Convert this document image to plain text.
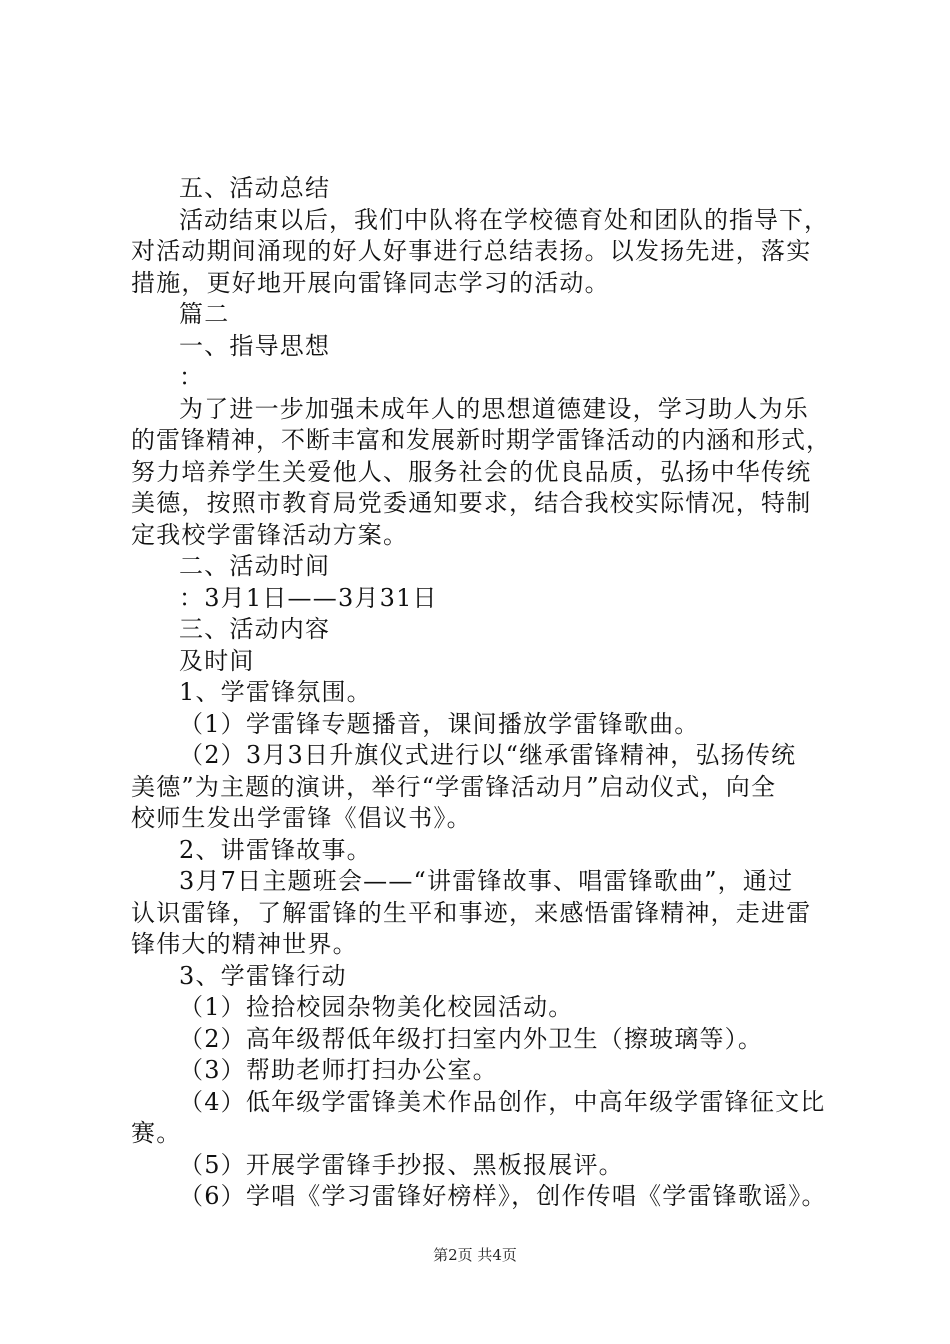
五、活动总结
活动结束以后，我们中队将在学校德育处和团队的指导下，
对活动期间涌现的好人好事进行总结表扬。以发扬先进，落实
措施，更好地开展向雷锋同志学习的活动。
篇二
一、指导思想
：
为了进一步加强未成年人的思想道德建设，学习助人为乐
的雷锋精神，不断丰富和发展新时期学雷锋活动的内涵和形式，
努力培养学生关爱他人、服务社会的优良品质，弘扬中华传统
美德，按照市教育局党委通知要求，结合我校实际情况，特制
定我校学雷锋活动方案。
二、活动时间
：3月1日——3月31日
三、活动内容
及时间
1、学雷锋氛围。
（1）学雷锋专题播音，课间播放学雷锋歌曲。
（2）3月3日升旗仪式进行以“继承雷锋精神，弘扬传统
美德”为主题的演讲，举行“学雷锋活动月”启动仪式，向全
校师生发出学雷锋《倡议书》。
2、讲雷锋故事。
3月7日主题班会——“讲雷锋故事、唱雷锋歌曲”，通过
认识雷锋，了解雷锋的生平和事迹，来感悟雷锋精神，走进雷
锋伟大的精神世界。
3、学雷锋行动
（1）捡拾校园杂物美化校园活动。
（2）高年级帮低年级打扫室内外卫生（擦玻璃等）。
（3）帮助老师打扫办公室。
（4）低年级学雷锋美术作品创作，中高年级学雷锋征文比
赛。
（5）开展学雷锋手抄报、黑板报展评。
（6）学唱《学习雷锋好榜样》，创作传唱《学雷锋歌谣》。
第2页 共4页
